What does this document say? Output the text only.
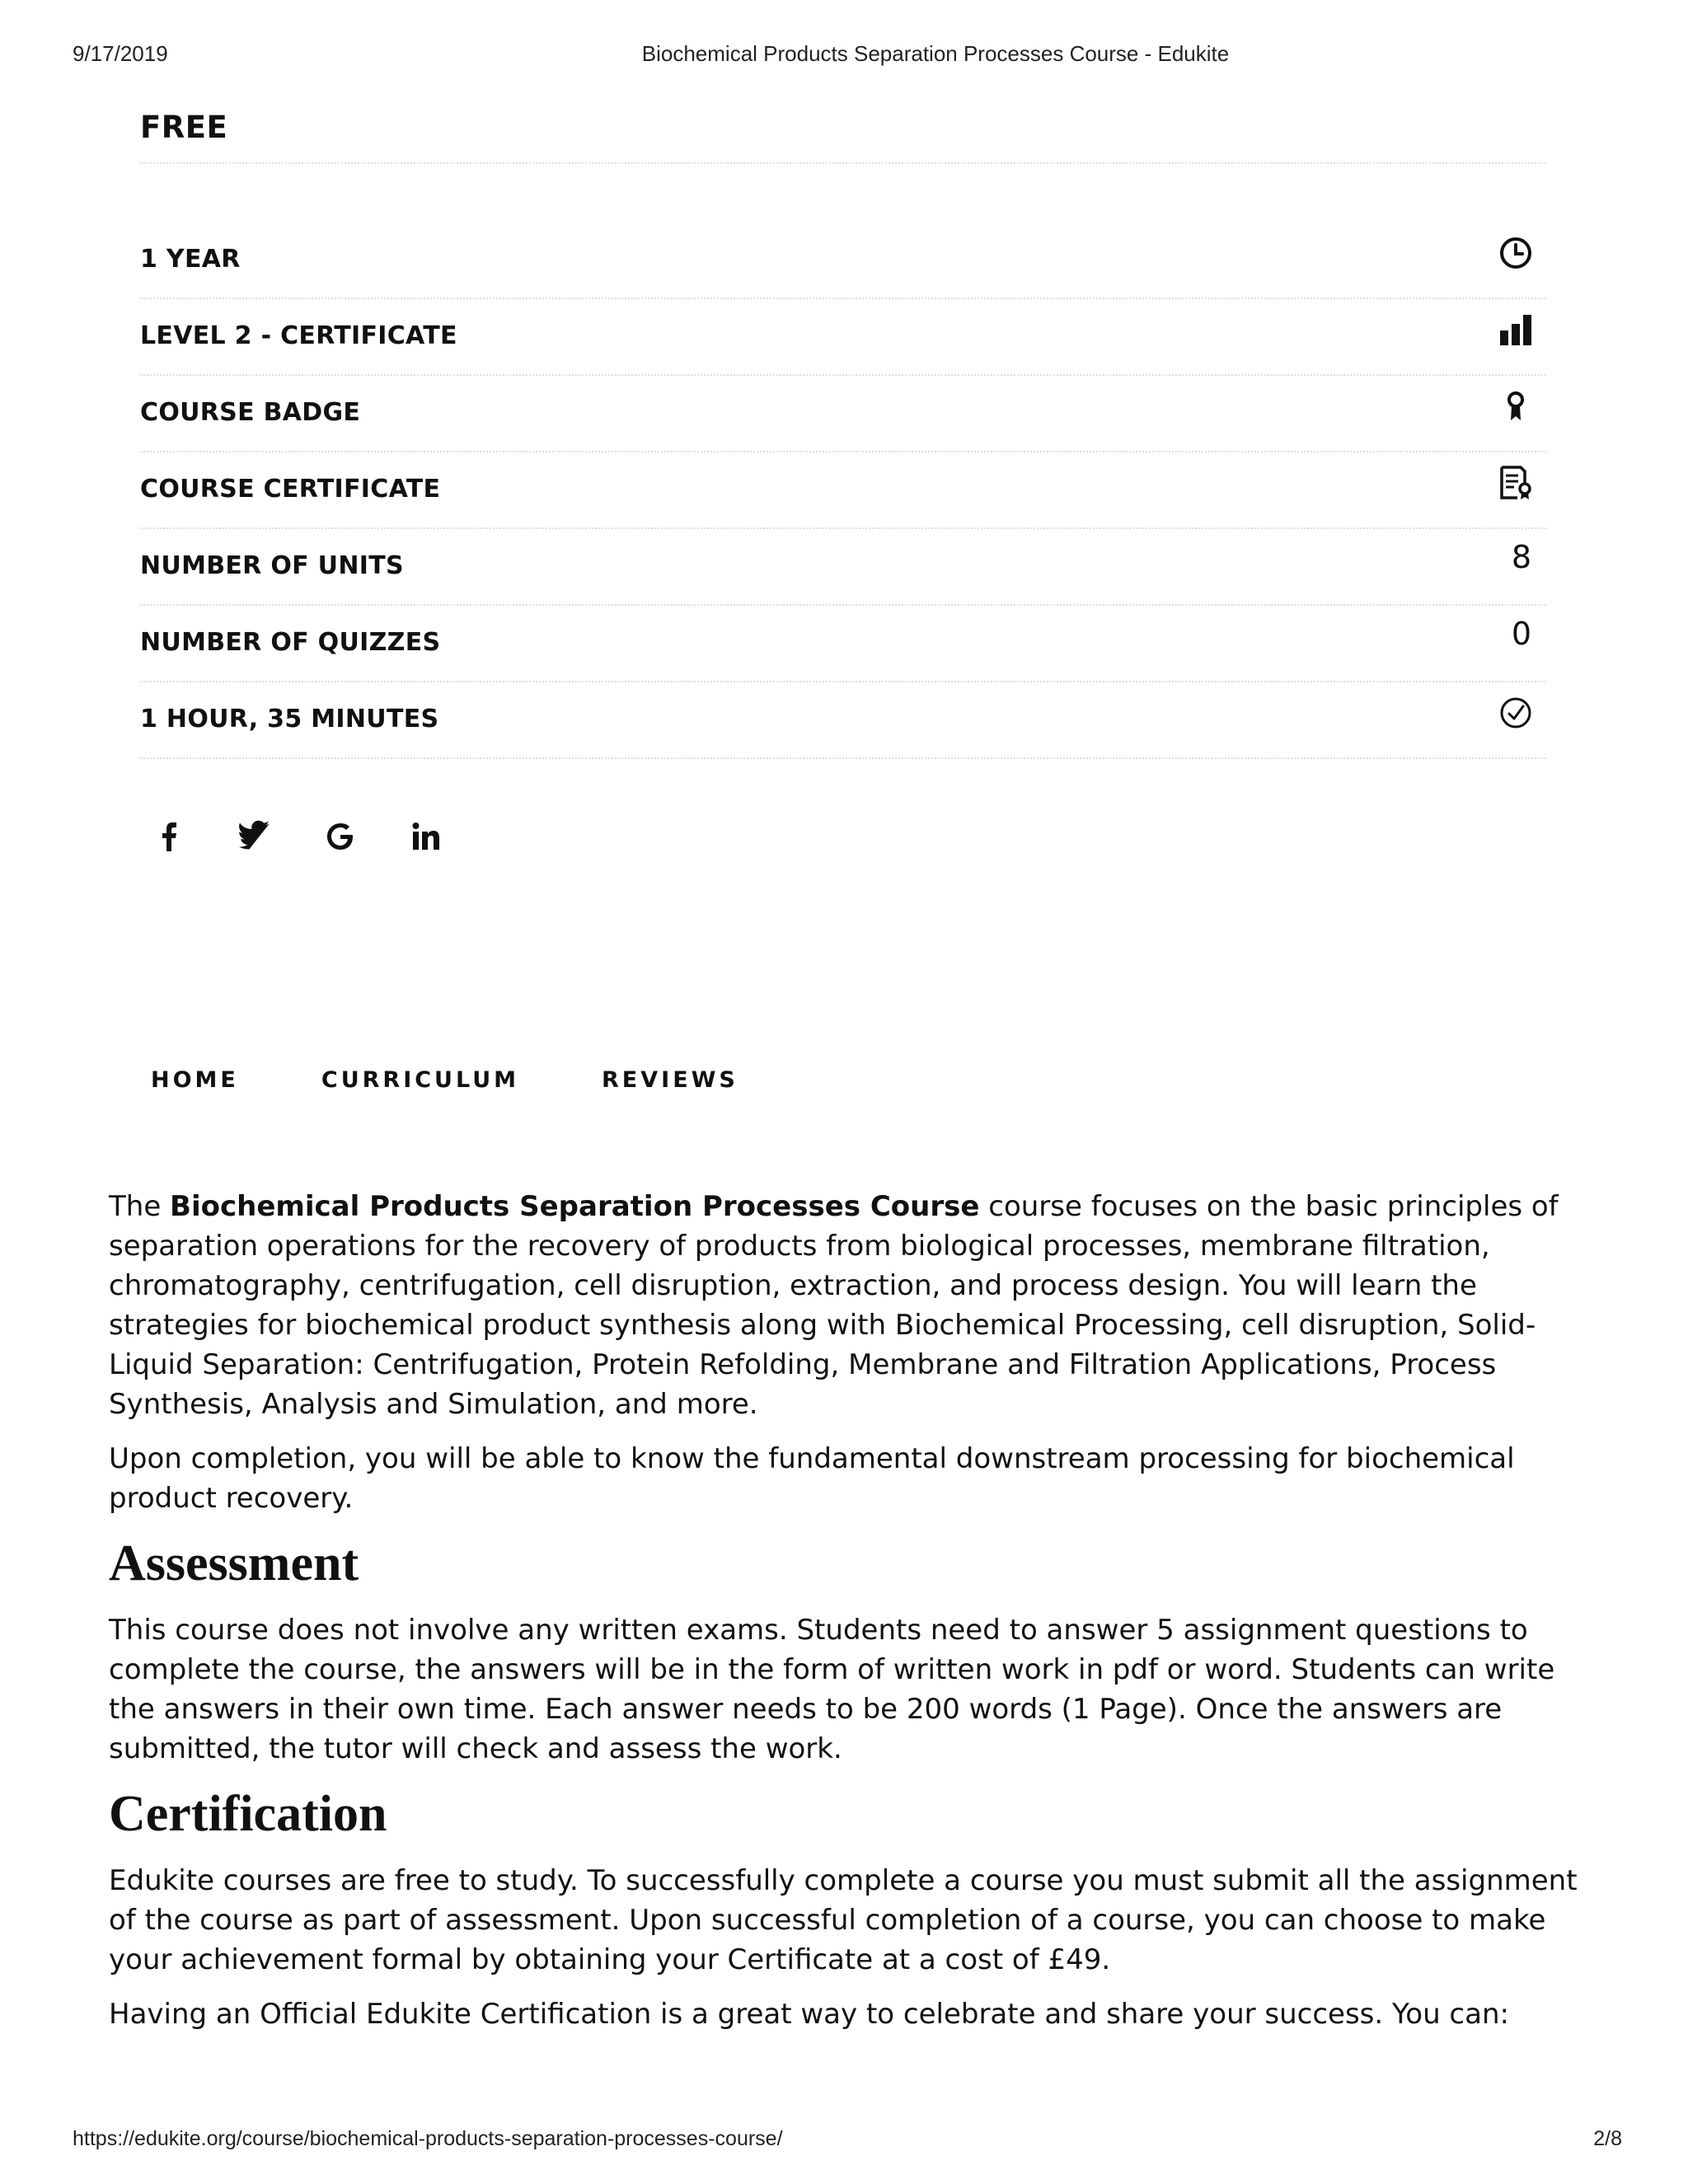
9/17/2019	Biochemical Products Separation Processes Course - Edukite
FREE
1 YEAR
LEVEL 2 - CERTIFICATE
COURSE BADGE
COURSE CERTIFICATE
NUMBER OF UNITS	8
NUMBER OF QUIZZES	0
1 HOUR, 35 MINUTES
HOME	CURRICULUM	REVIEWS

The Biochemical Products Separation Processes Course course focuses on the basic principles of separation operations for the recovery of products from biological processes, membrane filtration, chromatography, centrifugation, cell disruption, extraction, and process design. You will learn the strategies for biochemical product synthesis along with Biochemical Processing, cell disruption, Solid-Liquid Separation: Centrifugation, Protein Refolding, Membrane and Filtration Applications, Process Synthesis, Analysis and Simulation, and more.

Upon completion, you will be able to know the fundamental downstream processing for biochemical product recovery.

Assessment

This course does not involve any written exams. Students need to answer 5 assignment questions to complete the course, the answers will be in the form of written work in pdf or word. Students can write the answers in their own time. Each answer needs to be 200 words (1 Page). Once the answers are submitted, the tutor will check and assess the work.

Certification

Edukite courses are free to study. To successfully complete a course you must submit all the assignment of the course as part of assessment. Upon successful completion of a course, you can choose to make your achievement formal by obtaining your Certificate at a cost of £49.

Having an Official Edukite Certification is a great way to celebrate and share your success. You can:

https://edukite.org/course/biochemical-products-separation-processes-course/	2/8
